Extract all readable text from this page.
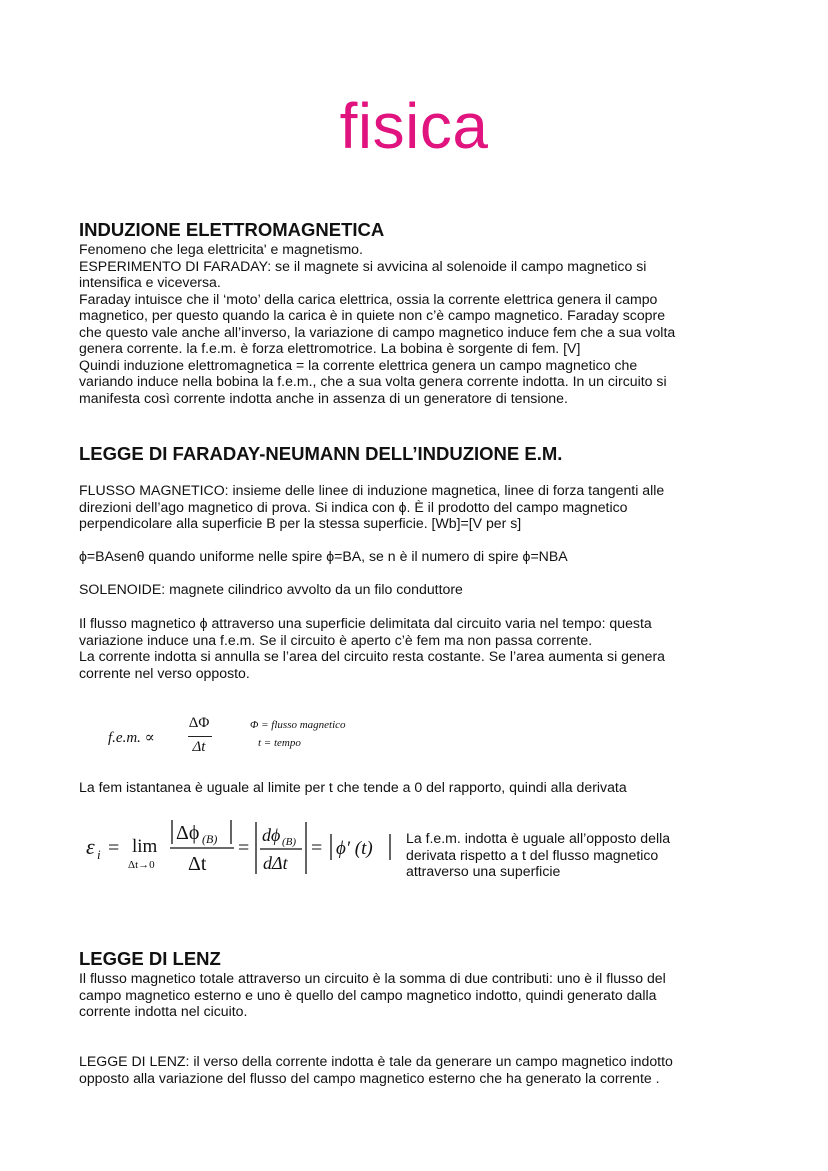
fisica
INDUZIONE ELETTROMAGNETICA
Fenomeno che lega elettricita' e magnetismo.
ESPERIMENTO DI FARADAY: se il magnete si avvicina al solenoide il campo magnetico si
intensifica e viceversa.
Faraday intuisce che il ‘moto’ della carica elettrica, ossia la corrente elettrica genera il campo
magnetico, per questo quando la carica è in quiete non c’è campo magnetico. Faraday scopre
che questo vale anche all’inverso, la variazione di campo magnetico induce fem che a sua volta
genera corrente. la f.e.m. è forza elettromotrice. La bobina è sorgente di fem. [V]
Quindi induzione elettromagnetica = la corrente elettrica genera un campo magnetico che
variando induce nella bobina la f.e.m., che a sua volta genera corrente indotta. In un circuito si
manifesta così corrente indotta anche in assenza di un generatore di tensione.
LEGGE DI FARADAY-NEUMANN DELL’INDUZIONE E.M.
FLUSSO MAGNETICO: insieme delle linee di induzione magnetica, linee di forza tangenti alle
direzioni dell’ago magnetico di prova. Si indica con ϕ. È il prodotto del campo magnetico
perpendicolare alla superficie B per la stessa superficie. [Wb]=[V per s]
ϕ=BAsenθ quando uniforme nelle spire ϕ=BA, se n è il numero di spire ϕ=NBA
SOLENOIDE: magnete cilindrico avvolto da un filo conduttore
Il flusso magnetico ϕ attraverso una superficie delimitata dal circuito varia nel tempo: questa
variazione induce una f.e.m. Se il circuito è aperto c’è fem ma non passa corrente.
La corrente indotta si annulla se l’area del circuito resta costante. Se l’area aumenta si genera
corrente nel verso opposto.
f.e.m. ∝
ΔΦ
Δt
Φ = flusso magnetico
t = tempo
La fem istantanea è uguale al limite per t che tende a 0 del rapporto, quindi alla derivata
ε i = lim
Δt→0
Δϕ (B)
Δt
=
dϕ (B)
dΔt
= ϕ′ (t) La f.e.m. indotta è uguale all’opposto della
derivata rispetto a t del flusso magnetico
attraverso una superficie
LEGGE DI LENZ
Il flusso magnetico totale attraverso un circuito è la somma di due contributi: uno è il flusso del
campo magnetico esterno e uno è quello del campo magnetico indotto, quindi generato dalla
corrente indotta nel cicuito.
LEGGE DI LENZ: il verso della corrente indotta è tale da generare un campo magnetico indotto
opposto alla variazione del flusso del campo magnetico esterno che ha generato la corrente .
